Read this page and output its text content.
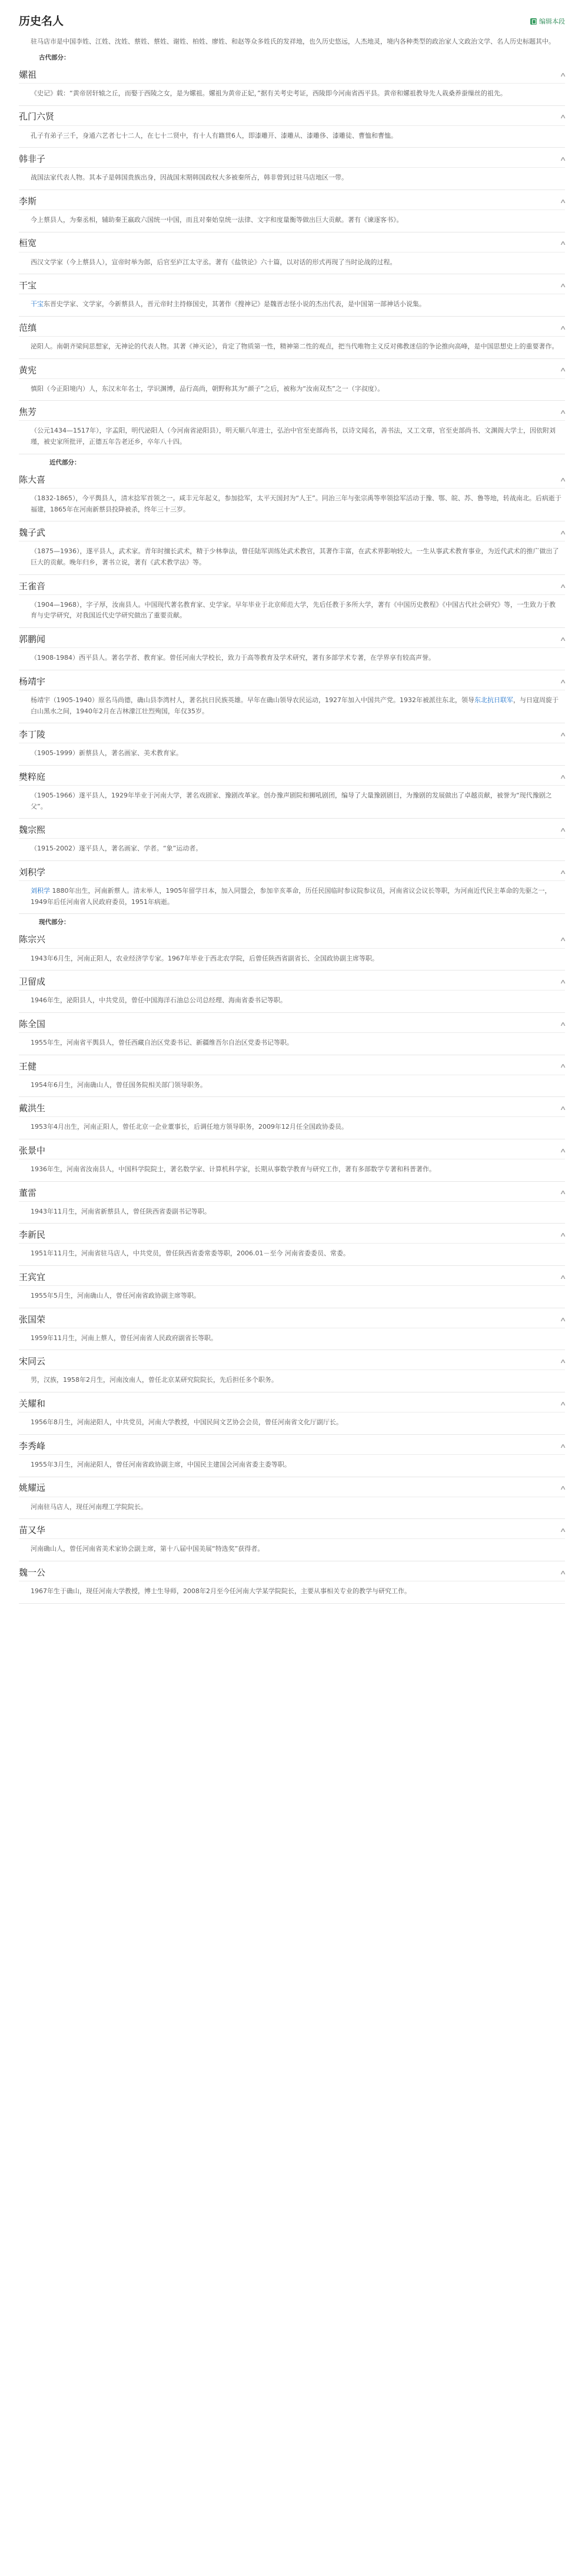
历史名人	编辑本段
驻马店市是中国李姓、江姓、沈姓、蔡姓、蔡姓、谢姓、柏姓、廖姓、和赵等众多姓氏的发祥地，也久历史悠远，人杰地灵，境内各种类型的政治家人文政治文学、名人历史标题其中。
古代部分：
嫘祖	∧
《史记》载：“黄帝居轩辕之丘，而娶于西陵之女，是为嫘祖。嫘祖为黄帝正妃，”据有关考史考证，西陵即今河南省西平县。黄帝和嫘祖教导先人栽桑养蚕缫丝的祖先。
孔门六贤	∧
孔子有弟子三千，身通六艺者七十二人，在七十二贤中，有十人有籍贯6人，即漆雕开、漆雕从、漆雕侈、漆雕徒、曹恤和曹恤。
韩非子	∧
战国法家代表人物。其本子是韩国贵族出身，因战国末期韩国政权大多被秦所占，韩非曾到过驻马店地区一带。
李斯	∧
今上蔡县人，为秦丞相，辅助秦王嬴政六国统一中国，而且对秦始皇统一法律、文字和度量衡等做出巨大贡献。著有《谏逐客书》。
桓宽	∧
西汉文学家（今上蔡县人），宣帝时举为郎，后官至庐江太守丞。著有《盐铁论》六十篇，以对话的形式再现了当时论战的过程。
干宝	∧
干宝东晋史学家、文学家，今新蔡县人，晋元帝时主持修国史，其著作《搜神记》是魏晋志怪小说的杰出代表，是中国第一部神话小说集。
范缜	∧
泌阳人。南朝齐梁间思想家，无神论的代表人物。其著《神灭论》，肯定了物质第一性，精神第二性的观点，把当代唯物主义反对佛教迷信的争论推向高峰，是中国思想史上的重要著作。
黄宪	∧
慎阳（今正阳境内）人，东汉末年名士，学识渊博，品行高尚，朝野称其为“颜子”之后，被称为“汝南双杰”之一（字叔度）。
焦芳	∧
（公元1434—1517年），字孟阳，明代泌阳人（今河南省泌阳县），明天顺八年进士，弘治中官至吏部尚书，以诗文闻名，善书法，又工文章，官至吏部尚书、文渊阁大学士，因依附刘瑾，被史家所批评，正德五年告老还乡，卒年八十四。
近代部分：
陈大喜	∧
（1832-1865），今平舆县人，清末捻军首领之一。咸丰元年起义，参加捻军，太平天国封为“人王”。同治三年与张宗禹等率领捻军活动于豫、鄂、皖、苏、鲁等地，转战南北。后病逝于福建，1865年在河南新蔡县投降被杀，终年三十三岁。
魏子武	∧
（1875—1936），遂平县人，武术家。青年时擅长武术，精于少林拳法，曾任陆军训练处武术教官，其著作丰富，在武术界影响较大。一生从事武术教育事业，为近代武术的推广做出了巨大的贡献。晚年归乡，著书立说，著有《武术教学法》等。
王雀音	∧
（1904—1968），字子厚，汝南县人。中国现代著名教育家、史学家。早年毕业于北京师范大学，先后任教于多所大学，著有《中国历史教程》《中国古代社会研究》等，一生致力于教育与史学研究，对我国近代史学研究做出了重要贡献。
郭鹏闻	∧
（1908-1984）西平县人。著名学者、教育家。曾任河南大学校长，致力于高等教育及学术研究，著有多部学术专著，在学界享有较高声誉。
杨靖宇	∧
杨靖宇（1905-1940）原名马尚德，确山县李湾村人，著名抗日民族英雄。早年在确山领导农民运动，1927年加入中国共产党。1932年被派往东北，领导东北抗日联军，与日寇周旋于白山黑水之间，1940年2月在吉林濛江壮烈殉国，年仅35岁。
李丁陵	∧
（1905-1999）新蔡县人，著名画家、美术教育家。
樊粹庭	∧
（1905-1966）遂平县人，1929年毕业于河南大学，著名戏剧家、豫剧改革家。创办豫声剧院和狮吼剧团，编导了大量豫剧剧目，为豫剧的发展做出了卓越贡献，被誉为“现代豫剧之父”。
魏宗熙	∧
（1915-2002）遂平县人，著名画家、学者。“象”运动者。
刘积学	∧
刘积学 1880年出生，河南新蔡人。清末举人，1905年留学日本，加入同盟会，参加辛亥革命，历任民国临时参议院参议员，河南省议会议长等职，为河南近代民主革命的先驱之一，1949年后任河南省人民政府委员，1951年病逝。
现代部分：
陈宗兴	∧
1943年6月生，河南正阳人，农业经济学专家。1967年毕业于西北农学院，后曾任陕西省副省长、全国政协副主席等职。
卫留成	∧
1946年生，泌阳县人，中共党员，曾任中国海洋石油总公司总经理、海南省委书记等职。
陈全国	∧
1955年生，河南省平舆县人，曾任西藏自治区党委书记、新疆维吾尔自治区党委书记等职。
王健	∧
1954年6月生，河南确山人，曾任国务院相关部门领导职务。
戴洪生	∧
1953年4月出生，河南正阳人，曾任北京一企业董事长，后调任地方领导职务，2009年12月任全国政协委员。
张景中	∧
1936年生，河南省汝南县人，中国科学院院士，著名数学家、计算机科学家，长期从事数学教育与研究工作，著有多部数学专著和科普著作。
董雷	∧
1943年11月生，河南省新蔡县人，曾任陕西省委副书记等职。
李新民	∧
1951年11月生，河南省驻马店人，中共党员，曾任陕西省委常委等职，2006.01－至今 河南省委委员、常委。
王宾宜	∧
1955年5月生，河南确山人，曾任河南省政协副主席等职。
张国荣	∧
1959年11月生，河南上蔡人，曾任河南省人民政府副省长等职。
宋同云	∧
男，汉族，1958年2月生，河南汝南人，曾任北京某研究院院长，先后担任多个职务。
关耀和	∧
1956年8月生，河南泌阳人，中共党员，河南大学教授，中国民间文艺协会会员，曾任河南省文化厅副厅长。
李秀峰	∧
1955年3月生，河南泌阳人，曾任河南省政协副主席，中国民主建国会河南省委主委等职。
姚耀远	∧
河南驻马店人，现任河南理工学院院长。
苗又华	∧
河南确山人，曾任河南省美术家协会副主席，第十八届中国美展“特选奖”获得者。
魏一公	∧
1967年生于确山，现任河南大学教授，博士生导师，2008年2月至今任河南大学某学院院长，主要从事相关专业的教学与研究工作。
